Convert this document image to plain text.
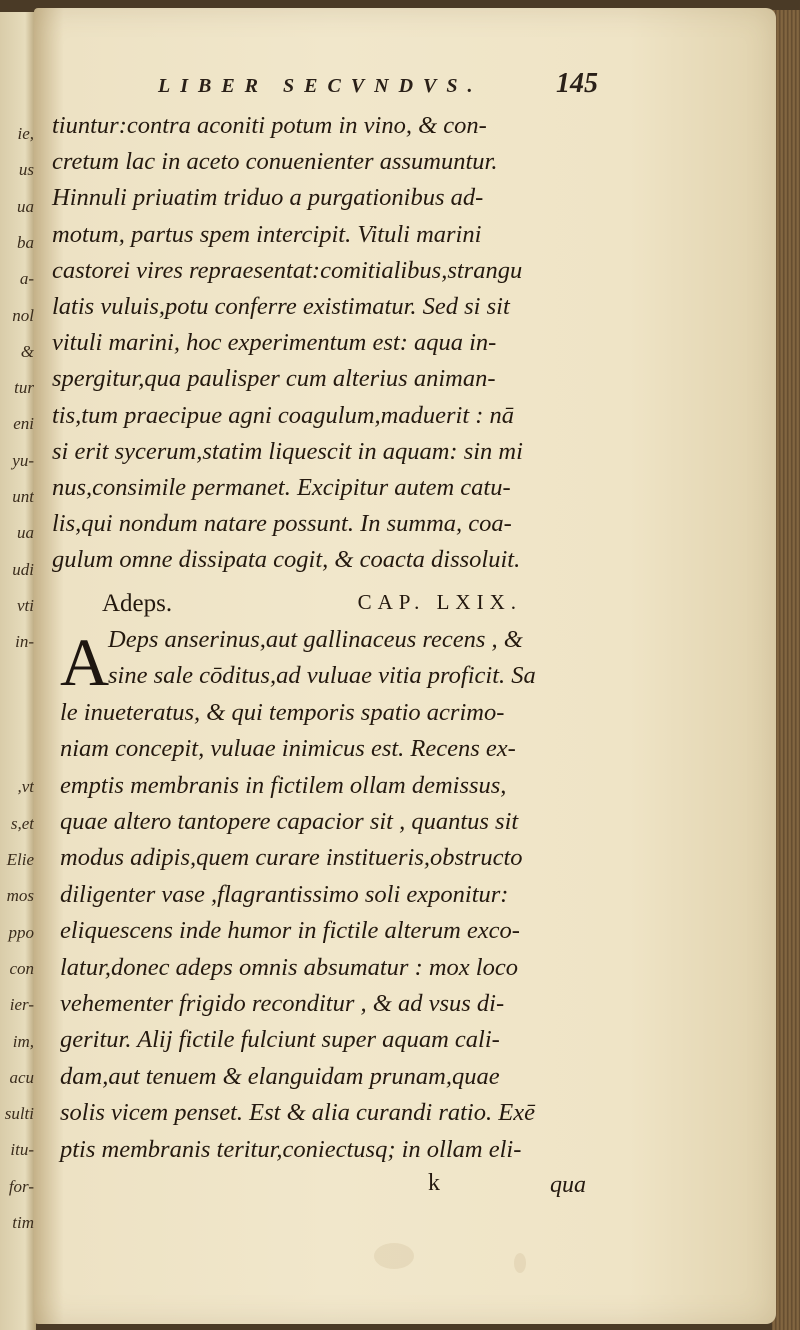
ie,
us
ua
ba
a-
nol
&
tur
eni
yu-
unt
ua
udi
vti
in-
,vt
s,et
Elie
mos
ppo
con
ier-
im,
acu
sulti
itu-
for-
tim
LIBER SECVNDVS.	145
tiuntur:contra aconiti potum in vino, & con-
cretum lac in aceto conuenienter assumuntur.
Hinnuli priuatim triduo a purgationibus ad-
motum, partus spem intercipit. Vituli marini
castorei vires repraesentat:comitialibus,strangu
latis vuluis,potu conferre existimatur. Sed si sit
vituli marini, hoc experimentum est: aqua in-
spergitur,qua paulisper cum alterius animan-
tis,tum praecipue agni coagulum,maduerit : nā
si erit sycerum,statim liquescit in aquam: sin mi
nus,consimile permanet. Excipitur autem catu-
lis,qui nondum natare possunt. In summa, coa-
gulum omne dissipata cogit, & coacta dissoluit.
Adeps.	CAP. LXIX.
A
Deps anserinus,aut gallinaceus recens , &
sine sale cōditus,ad vuluae vitia proficit. Sa
le inueteratus, & qui temporis spatio acrimo-
niam concepit, vuluae inimicus est. Recens ex-
emptis membranis in fictilem ollam demissus,
quae altero tantopere capacior sit , quantus sit
modus adipis,quem curare institueris,obstructo
diligenter vase ,flagrantissimo soli exponitur:
eliquescens inde humor in fictile alterum exco-
latur,donec adeps omnis absumatur : mox loco
vehementer frigido reconditur , & ad vsus di-
geritur. Alij fictile fulciunt super aquam cali-
dam,aut tenuem & elanguidam prunam,quae
solis vicem penset. Est & alia curandi ratio. Exē
ptis membranis teritur,coniectusq; in ollam eli-
k	qua
